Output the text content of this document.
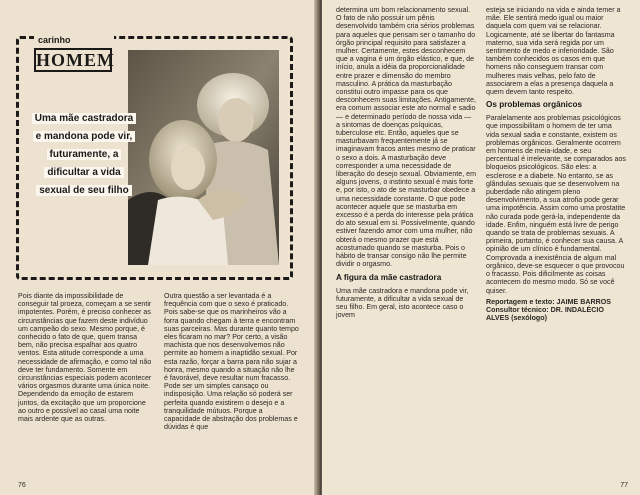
carinho
HOMEM
Uma mãe castradora e mandona pode vir, futuramente, a dificultar a vida sexual de seu filho

Pois diante da impossibilidade de conseguir tal proeza, começam a se sentir impotentes. Porém, é preciso conhecer as circunstâncias que fazem deste indivíduo um campeão do sexo. Mesmo porque, é conhecido o fato de que, quem transa bem, não precisa espalhar aos quatro ventos. Esta atitude corresponde a uma necessidade de afirmação, e como tal não deve ter fundamento. Somente em circunstâncias especiais podem acontecer vários orgasmos durante uma única noite. Dependendo da emoção de estarem juntos, da excitação que um proporcione ao outro e possível ao casal uma noite mais ardente que as outras.

Outra questão a ser levantada é a frequência com que o sexo é praticado. Pois sabe-se que os marinheiros vão a forra quando chegam à terra e encontram suas parceiras. Mas durante quanto tempo eles ficaram no mar? Por certo, a visão machista que nos desenvolvemos não permite ao homem a inaptidão sexual. Por esta razão, forçar a barra para não sujar a honra, mesmo quando a situação não lhe é favorável, deve resultar num fracasso. Pode ser um simples cansaço ou indisposição. Uma relação só poderá ser perfeita quando existirem o desejo e a tranquilidade mútuos. Porque a capacidade de abstração dos problemas e dúvidas é que

76

determina um bom relacionamento sexual. O fato de não possuir um pênis desenvolvido também cria sérios problemas para aqueles que pensam ser o tamanho do órgão principal requisito para satisfazer a mulher. Certamente, estes desconhecem que a vagina é um órgão elástico, e que, de início, anula a idéia da proporcionalidade entre prazer e dimensão do membro masculino. A prática da masturbação constitui outro impasse para os que desconhecem suas limitações. Antigamente, era comum associar este ato normal e sadio — e determinado período de nossa vida — a sintomas de doenças psíquicas, tuberculose etc. Então, aqueles que se masturbavam frequentemente já se imaginavam fracos antes mesmo de praticar o sexo a dois. A masturbação deve corresponder a uma necessidade de liberação do desejo sexual. Obviamente, em alguns jovens, o instinto sexual é mais forte e, por isto, o ato de se masturbar obedece a uma necessidade constante. O que pode acontecer aquele que se masturba em excesso é a perda do interesse pela prática do ato sexual em si. Possivelmente, quando estiver fazendo amor com uma mulher, não obterá o mesmo prazer que está acostumado quando se masturba. Pois o hábito de transar consigo não lhe permite dividir o orgasmo.

A figura da mãe castradora

Uma mãe castradora e mandona pode vir, futuramente, a dificultar a vida sexual de seu filho. Em geral, isto acontece caso o jovem

esteja se iniciando na vida e ainda temer a mãe. Ele sentirá medo igual ou maior daquela com quem vai se relacionar. Logicamente, até se libertar do fantasma materno, sua vida será regida por um sentimento de medo e inferioridade. São também conhecidos os casos em que homens não conseguem transar com mulheres mais velhas, pelo fato de associarem a elas a presença daquela a quem devem tanto respeito.

Os problemas orgânicos

Paralelamente aos problemas psicológicos que impossibilitam o homem de ter uma vida sexual sadia e constante, existem os problemas orgânicos. Geralmente ocorrem em homens de meia-idade, e seu percentual é irrelevante, se comparados aos bloqueios psicológicos. São eles: a esclerose e a diabete. No entanto, se as glândulas sexuais que se desenvolvem na puberdade não atingem pleno desenvolvimento, a sua atrofia pode gerar uma impotência. Assim como uma prostatite não curada pode gerá-la, independente da idade. Enfim, ninguém está livre de perigo quando se trata de problemas sexuais. A primeira, portanto, é conhecer sua causa. A opinião de um clínico é fundamental. Comprovada a inexistência de algum mal orgânico, deve-se esquecer o que provocou o fracasso. Pois dificilmente as coisas acontecem do mesmo modo. Só se você quiser.

Reportagem e texto: JAIME BARROS

Consultor técnico: DR. INDALÉCIO ALVES (sexólogo)

77
